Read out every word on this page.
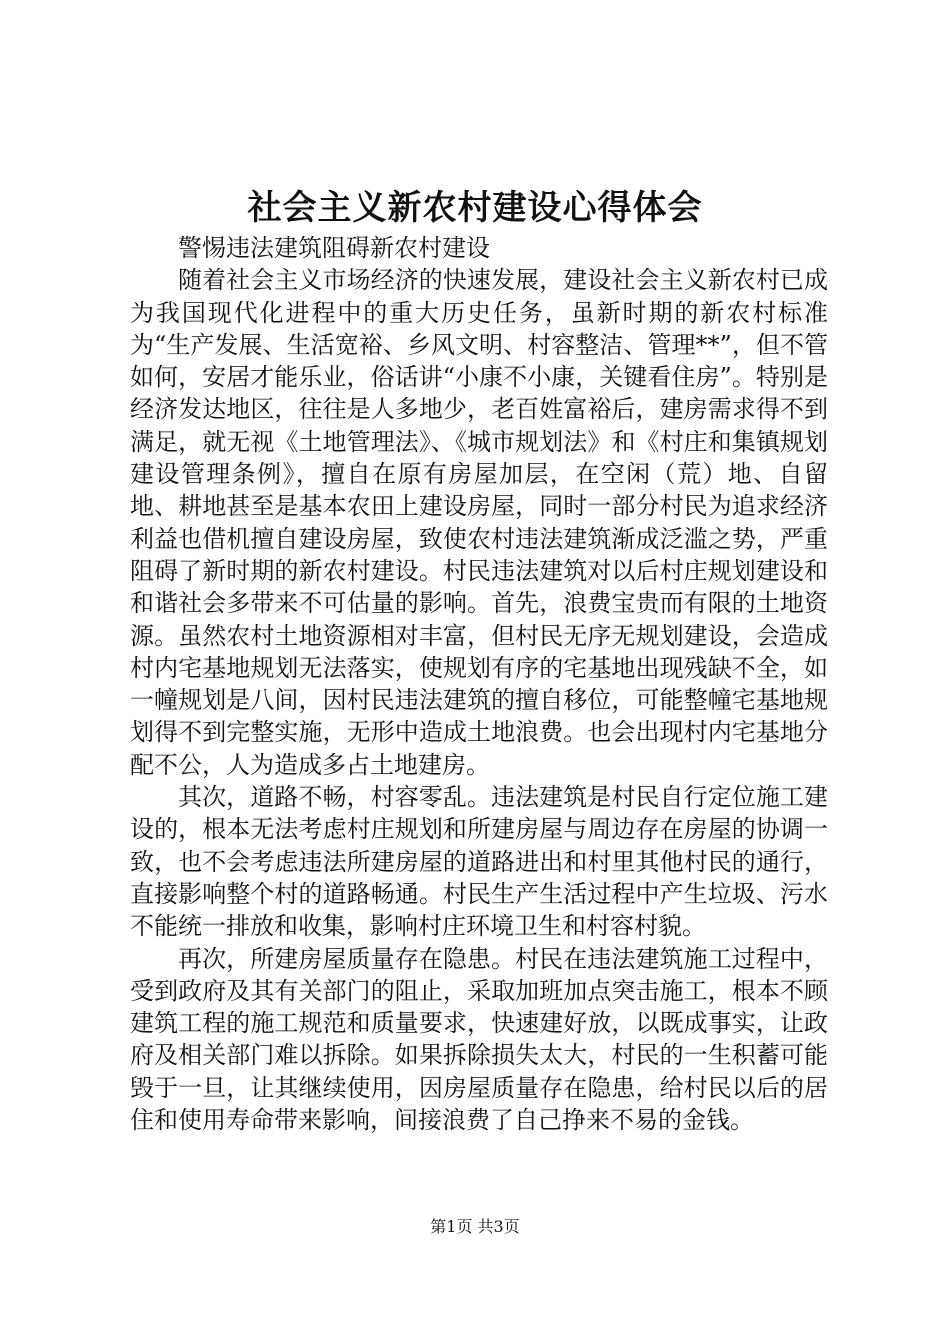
社会主义新农村建设心得体会

警惕违法建筑阻碍新农村建设

随着社会主义市场经济的快速发展，建设社会主义新农村已成为我国现代化进程中的重大历史任务，虽新时期的新农村标准为“生产发展、生活宽裕、乡风文明、村容整洁、管理**”，但不管如何，安居才能乐业，俗话讲“小康不小康，关键看住房”。特别是经济发达地区，往往是人多地少，老百姓富裕后，建房需求得不到满足，就无视《土地管理法》、《城市规划法》和《村庄和集镇规划建设管理条例》，擅自在原有房屋加层，在空闲（荒）地、自留地、耕地甚至是基本农田上建设房屋，同时一部分村民为追求经济利益也借机擅自建设房屋，致使农村违法建筑渐成泛滥之势，严重阻碍了新时期的新农村建设。村民违法建筑对以后村庄规划建设和和谐社会多带来不可估量的影响。首先，浪费宝贵而有限的土地资源。虽然农村土地资源相对丰富，但村民无序无规划建设，会造成村内宅基地规划无法落实，使规划有序的宅基地出现残缺不全，如一幢规划是八间，因村民违法建筑的擅自移位，可能整幢宅基地规划得不到完整实施，无形中造成土地浪费。也会出现村内宅基地分配不公，人为造成多占土地建房。

其次，道路不畅，村容零乱。违法建筑是村民自行定位施工建设的，根本无法考虑村庄规划和所建房屋与周边存在房屋的协调一致，也不会考虑违法所建房屋的道路进出和村里其他村民的通行，直接影响整个村的道路畅通。村民生产生活过程中产生垃圾、污水不能统一排放和收集，影响村庄环境卫生和村容村貌。

再次，所建房屋质量存在隐患。村民在违法建筑施工过程中，受到政府及其有关部门的阻止，采取加班加点突击施工，根本不顾建筑工程的施工规范和质量要求，快速建好放，以既成事实，让政府及相关部门难以拆除。如果拆除损失太大，村民的一生积蓄可能毁于一旦，让其继续使用，因房屋质量存在隐患，给村民以后的居住和使用寿命带来影响，间接浪费了自己挣来不易的金钱。

第1页 共3页
